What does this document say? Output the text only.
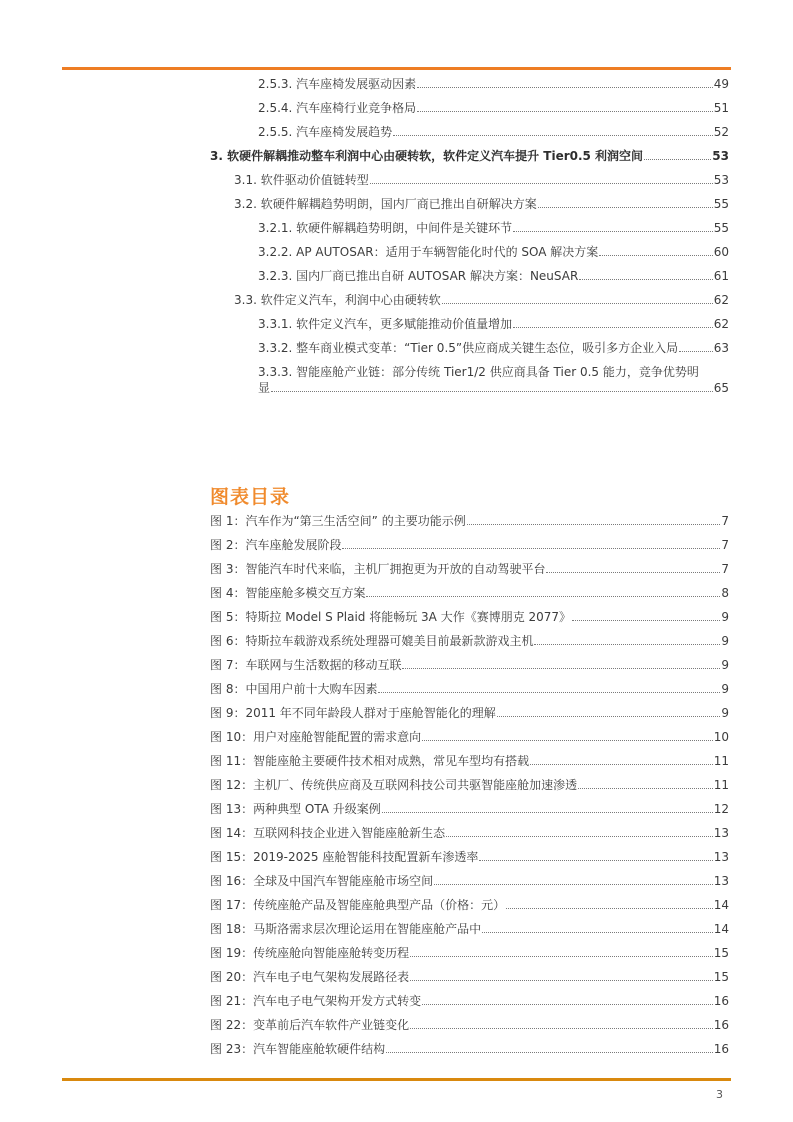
2.5.3. 汽车座椅发展驱动因素	49
2.5.4. 汽车座椅行业竞争格局	51
2.5.5. 汽车座椅发展趋势	52
3. 软硬件解耦推动整车利润中心由硬转软，软件定义汽车提升 Tier0.5 利润空间	53
3.1. 软件驱动价值链转型	53
3.2. 软硬件解耦趋势明朗，国内厂商已推出自研解决方案	55
3.2.1. 软硬件解耦趋势明朗，中间件是关键环节	55
3.2.2. AP AUTOSAR：适用于车辆智能化时代的 SOA 解决方案	60
3.2.3. 国内厂商已推出自研 AUTOSAR 解决方案：NeuSAR	61
3.3. 软件定义汽车，利润中心由硬转软	62
3.3.1. 软件定义汽车，更多赋能推动价值量增加	62
3.3.2. 整车商业模式变革：“Tier 0.5”供应商成关键生态位，吸引多方企业入局	63
3.3.3. 智能座舱产业链：部分传统 Tier1/2 供应商具备 Tier 0.5 能力，竞争优势明
显	65
图表目录
图 1： 汽车作为“第三生活空间” 的主要功能示例	7
图 2： 汽车座舱发展阶段	7
图 3： 智能汽车时代来临，主机厂拥抱更为开放的自动驾驶平台	7
图 4： 智能座舱多模交互方案	8
图 5： 特斯拉 Model S Plaid 将能畅玩 3A 大作《赛博朋克 2077》	9
图 6： 特斯拉车载游戏系统处理器可媲美目前最新款游戏主机	9
图 7： 车联网与生活数据的移动互联	9
图 8： 中国用户前十大购车因素	9
图 9： 2011 年不同年龄段人群对于座舱智能化的理解	9
图 10： 用户对座舱智能配置的需求意向	10
图 11： 智能座舱主要硬件技术相对成熟，常见车型均有搭载	11
图 12： 主机厂、传统供应商及互联网科技公司共驱智能座舱加速渗透	11
图 13： 两种典型 OTA 升级案例	12
图 14： 互联网科技企业进入智能座舱新生态	13
图 15： 2019-2025 座舱智能科技配置新车渗透率	13
图 16： 全球及中国汽车智能座舱市场空间	13
图 17： 传统座舱产品及智能座舱典型产品（价格：元）	14
图 18： 马斯洛需求层次理论运用在智能座舱产品中	14
图 19： 传统座舱向智能座舱转变历程	15
图 20： 汽车电子电气架构发展路径表	15
图 21： 汽车电子电气架构开发方式转变	16
图 22： 变革前后汽车软件产业链变化	16
图 23： 汽车智能座舱软硬件结构	16
3
